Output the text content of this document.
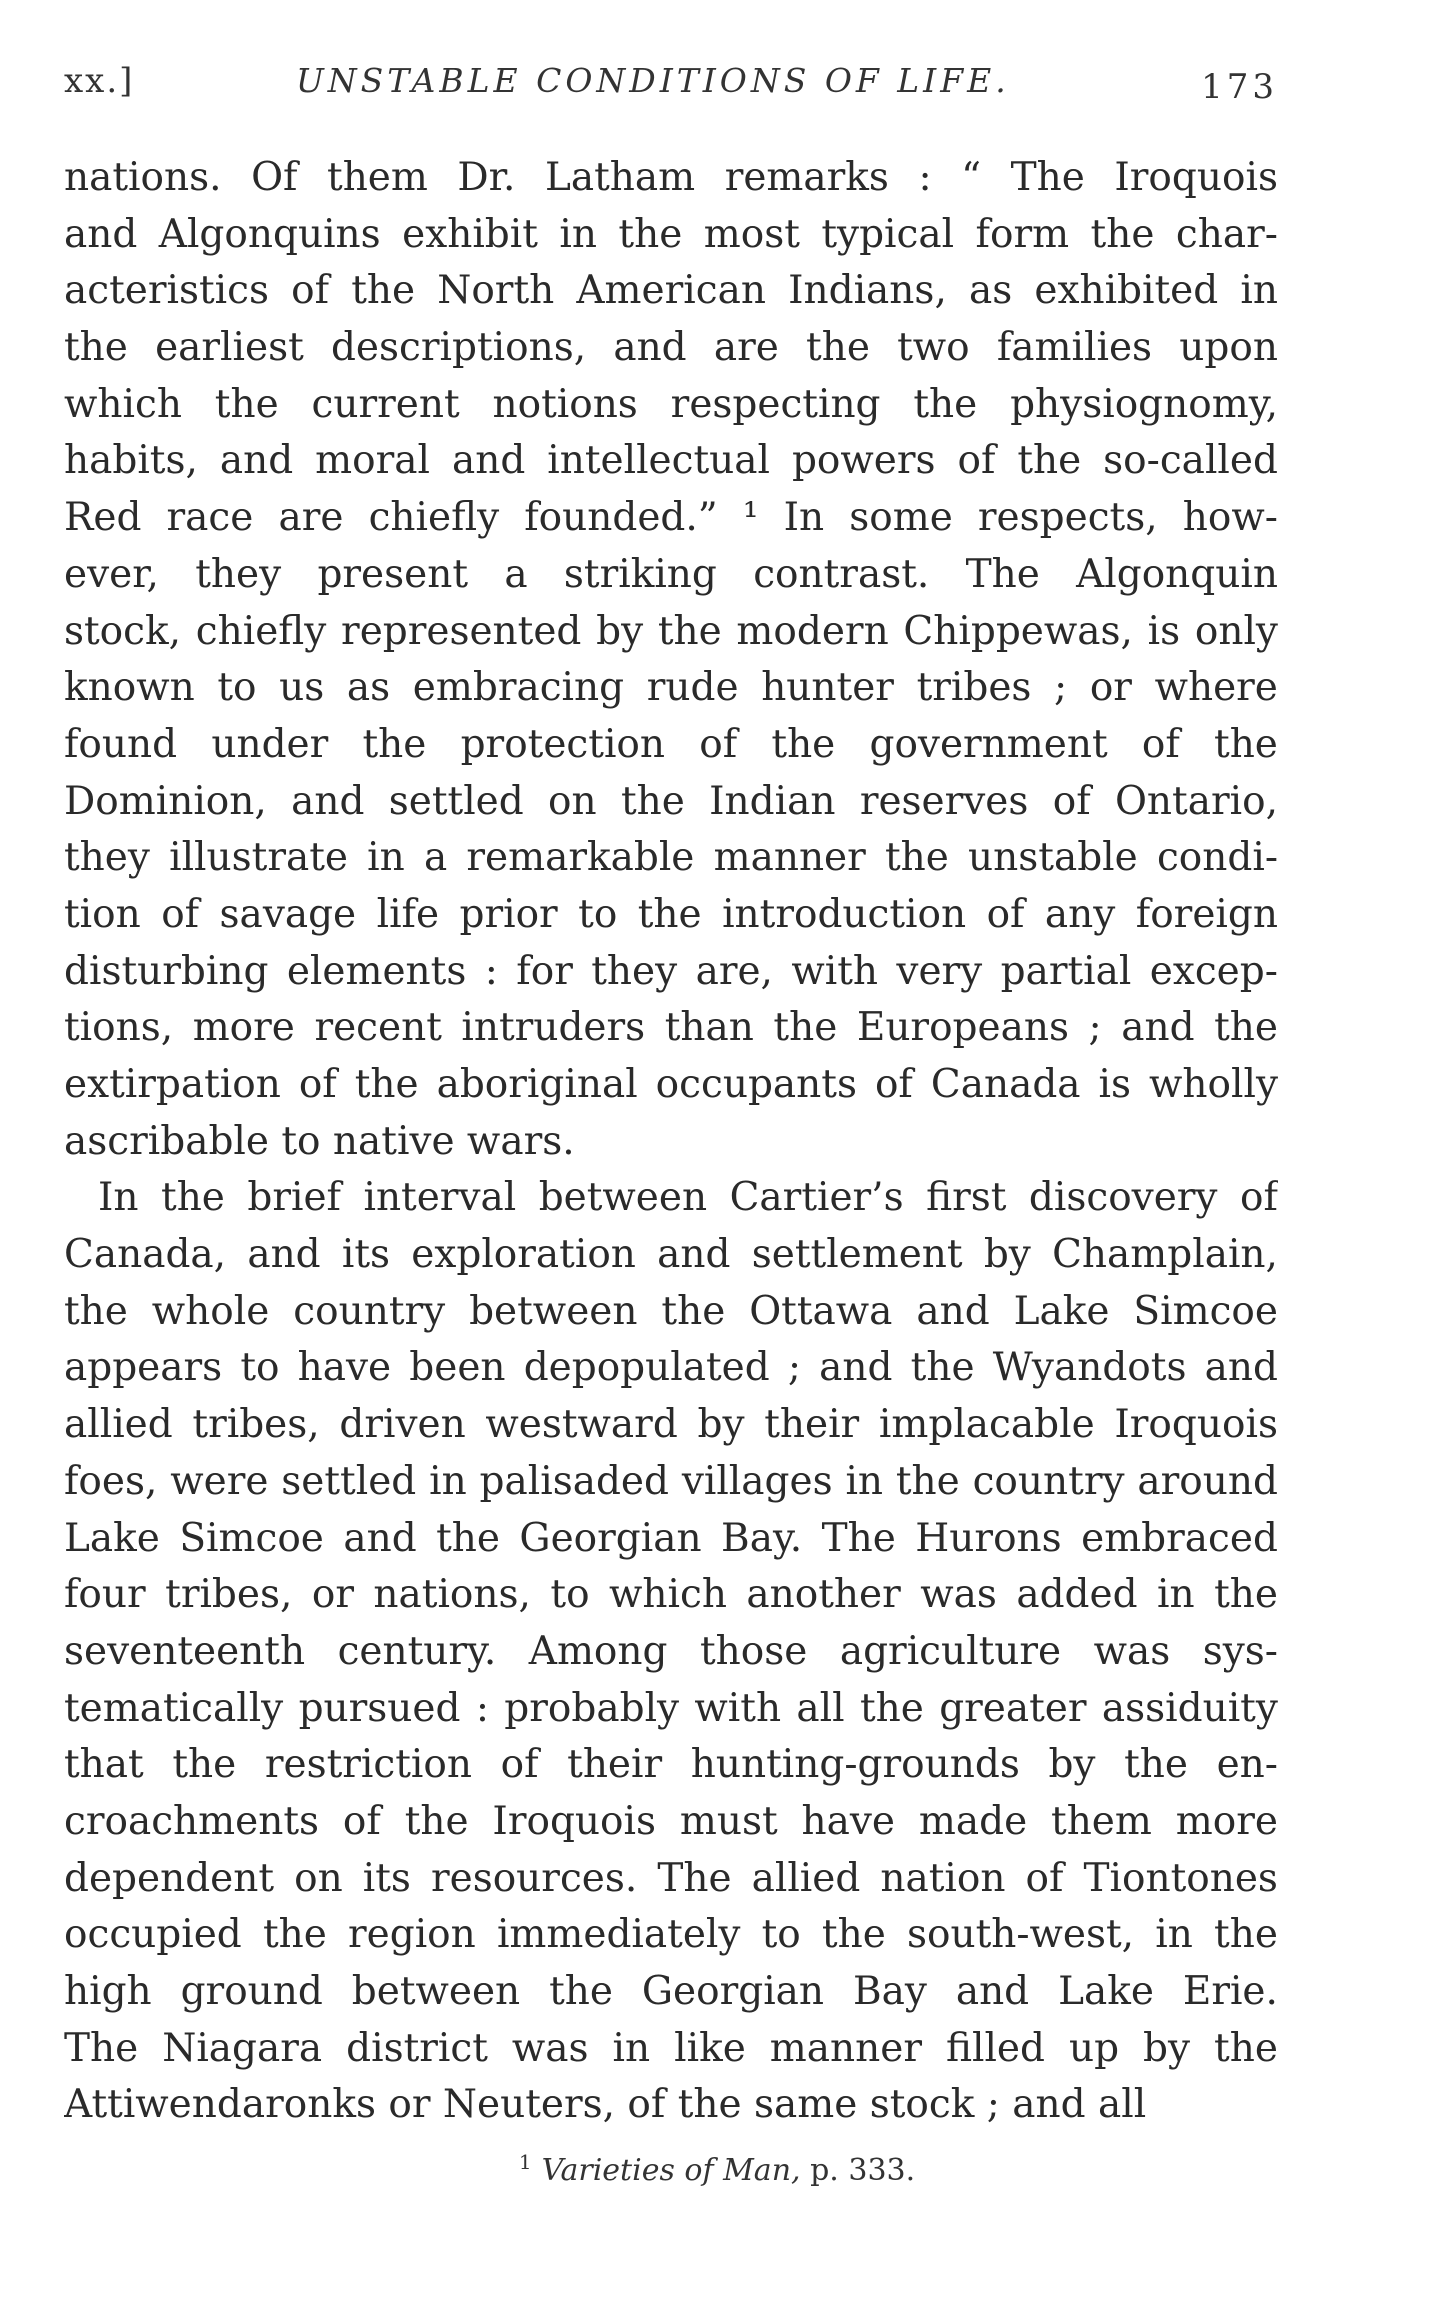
xx.]	UNSTABLE CONDITIONS OF LIFE.	173
nations. Of them Dr. Latham remarks : “ The Iroquois
and Algonquins exhibit in the most typical form the char-
acteristics of the North American Indians, as exhibited in
the earliest descriptions, and are the two families upon
which the current notions respecting the physiognomy,
habits, and moral and intellectual powers of the so-called
Red race are chiefly founded.” ¹ In some respects, how-
ever, they present a striking contrast. The Algonquin
stock, chiefly represented by the modern Chippewas, is only
known to us as embracing rude hunter tribes ; or where
found under the protection of the government of the
Dominion, and settled on the Indian reserves of Ontario,
they illustrate in a remarkable manner the unstable condi-
tion of savage life prior to the introduction of any foreign
disturbing elements : for they are, with very partial excep-
tions, more recent intruders than the Europeans ; and the
extirpation of the aboriginal occupants of Canada is wholly
ascribable to native wars.
In the brief interval between Cartier’s first discovery of
Canada, and its exploration and settlement by Champlain,
the whole country between the Ottawa and Lake Simcoe
appears to have been depopulated ; and the Wyandots and
allied tribes, driven westward by their implacable Iroquois
foes, were settled in palisaded villages in the country around
Lake Simcoe and the Georgian Bay. The Hurons embraced
four tribes, or nations, to which another was added in the
seventeenth century. Among those agriculture was sys-
tematically pursued : probably with all the greater assiduity
that the restriction of their hunting-grounds by the en-
croachments of the Iroquois must have made them more
dependent on its resources. The allied nation of Tiontones
occupied the region immediately to the south-west, in the
high ground between the Georgian Bay and Lake Erie.
The Niagara district was in like manner filled up by the
Attiwendaronks or Neuters, of the same stock ; and all
$^1$ Varieties of Man, p. 333.
